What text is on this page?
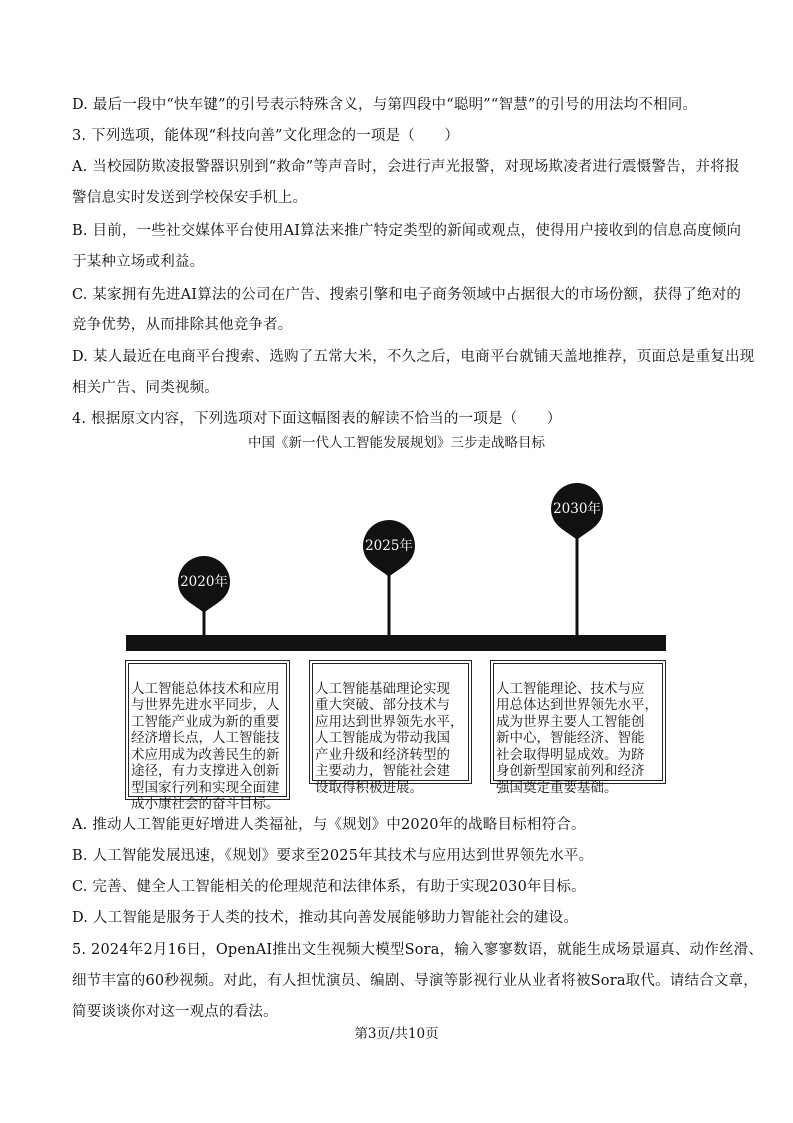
D. 最后一段中“快车键”的引号表示特殊含义，与第四段中“聪明”“智慧”的引号的用法均不相同。
3. 下列选项，能体现“科技向善”文化理念的一项是（　　）
A. 当校园防欺凌报警器识别到“救命”等声音时，会进行声光报警，对现场欺凌者进行震慑警告，并将报
警信息实时发送到学校保安手机上。
B. 目前，一些社交媒体平台使用AI算法来推广特定类型的新闻或观点，使得用户接收到的信息高度倾向
于某种立场或利益。
C. 某家拥有先进AI算法的公司在广告、搜索引擎和电子商务领域中占据很大的市场份额，获得了绝对的
竞争优势，从而排除其他竞争者。
D. 某人最近在电商平台搜索、选购了五常大米，不久之后，电商平台就铺天盖地推荐，页面总是重复出现
相关广告、同类视频。
4. 根据原文内容，下列选项对下面这幅图表的解读不恰当的一项是（　　）
中国《新一代人工智能发展规划》三步走战略目标
2020年
2025年
2030年

人工智能总体技术和应用
与世界先进水平同步，人
工智能产业成为新的重要
经济增长点，人工智能技
术应用成为改善民生的新
途径，有力支撑进入创新
型国家行列和实现全面建
成小康社会的奋斗目标。

人工智能基础理论实现
重大突破、部分技术与
应用达到世界领先水平，
人工智能成为带动我国
产业升级和经济转型的
主要动力，智能社会建
设取得积极进展。

人工智能理论、技术与应
用总体达到世界领先水平，
成为世界主要人工智能创
新中心，智能经济、智能
社会取得明显成效。为跻
身创新型国家前列和经济
强国奠定重要基础。

A. 推动人工智能更好增进人类福祉，与《规划》中2020年的战略目标相符合。
B. 人工智能发展迅速，《规划》要求至2025年其技术与应用达到世界领先水平。
C. 完善、健全人工智能相关的伦理规范和法律体系，有助于实现2030年目标。
D. 人工智能是服务于人类的技术，推动其向善发展能够助力智能社会的建设。
5. 2024年2月16日，OpenAI推出文生视频大模型Sora，输入寥寥数语，就能生成场景逼真、动作丝滑、
细节丰富的60秒视频。对此，有人担忧演员、编剧、导演等影视行业从业者将被Sora取代。请结合文章，
简要谈谈你对这一观点的看法。
第3页/共10页
